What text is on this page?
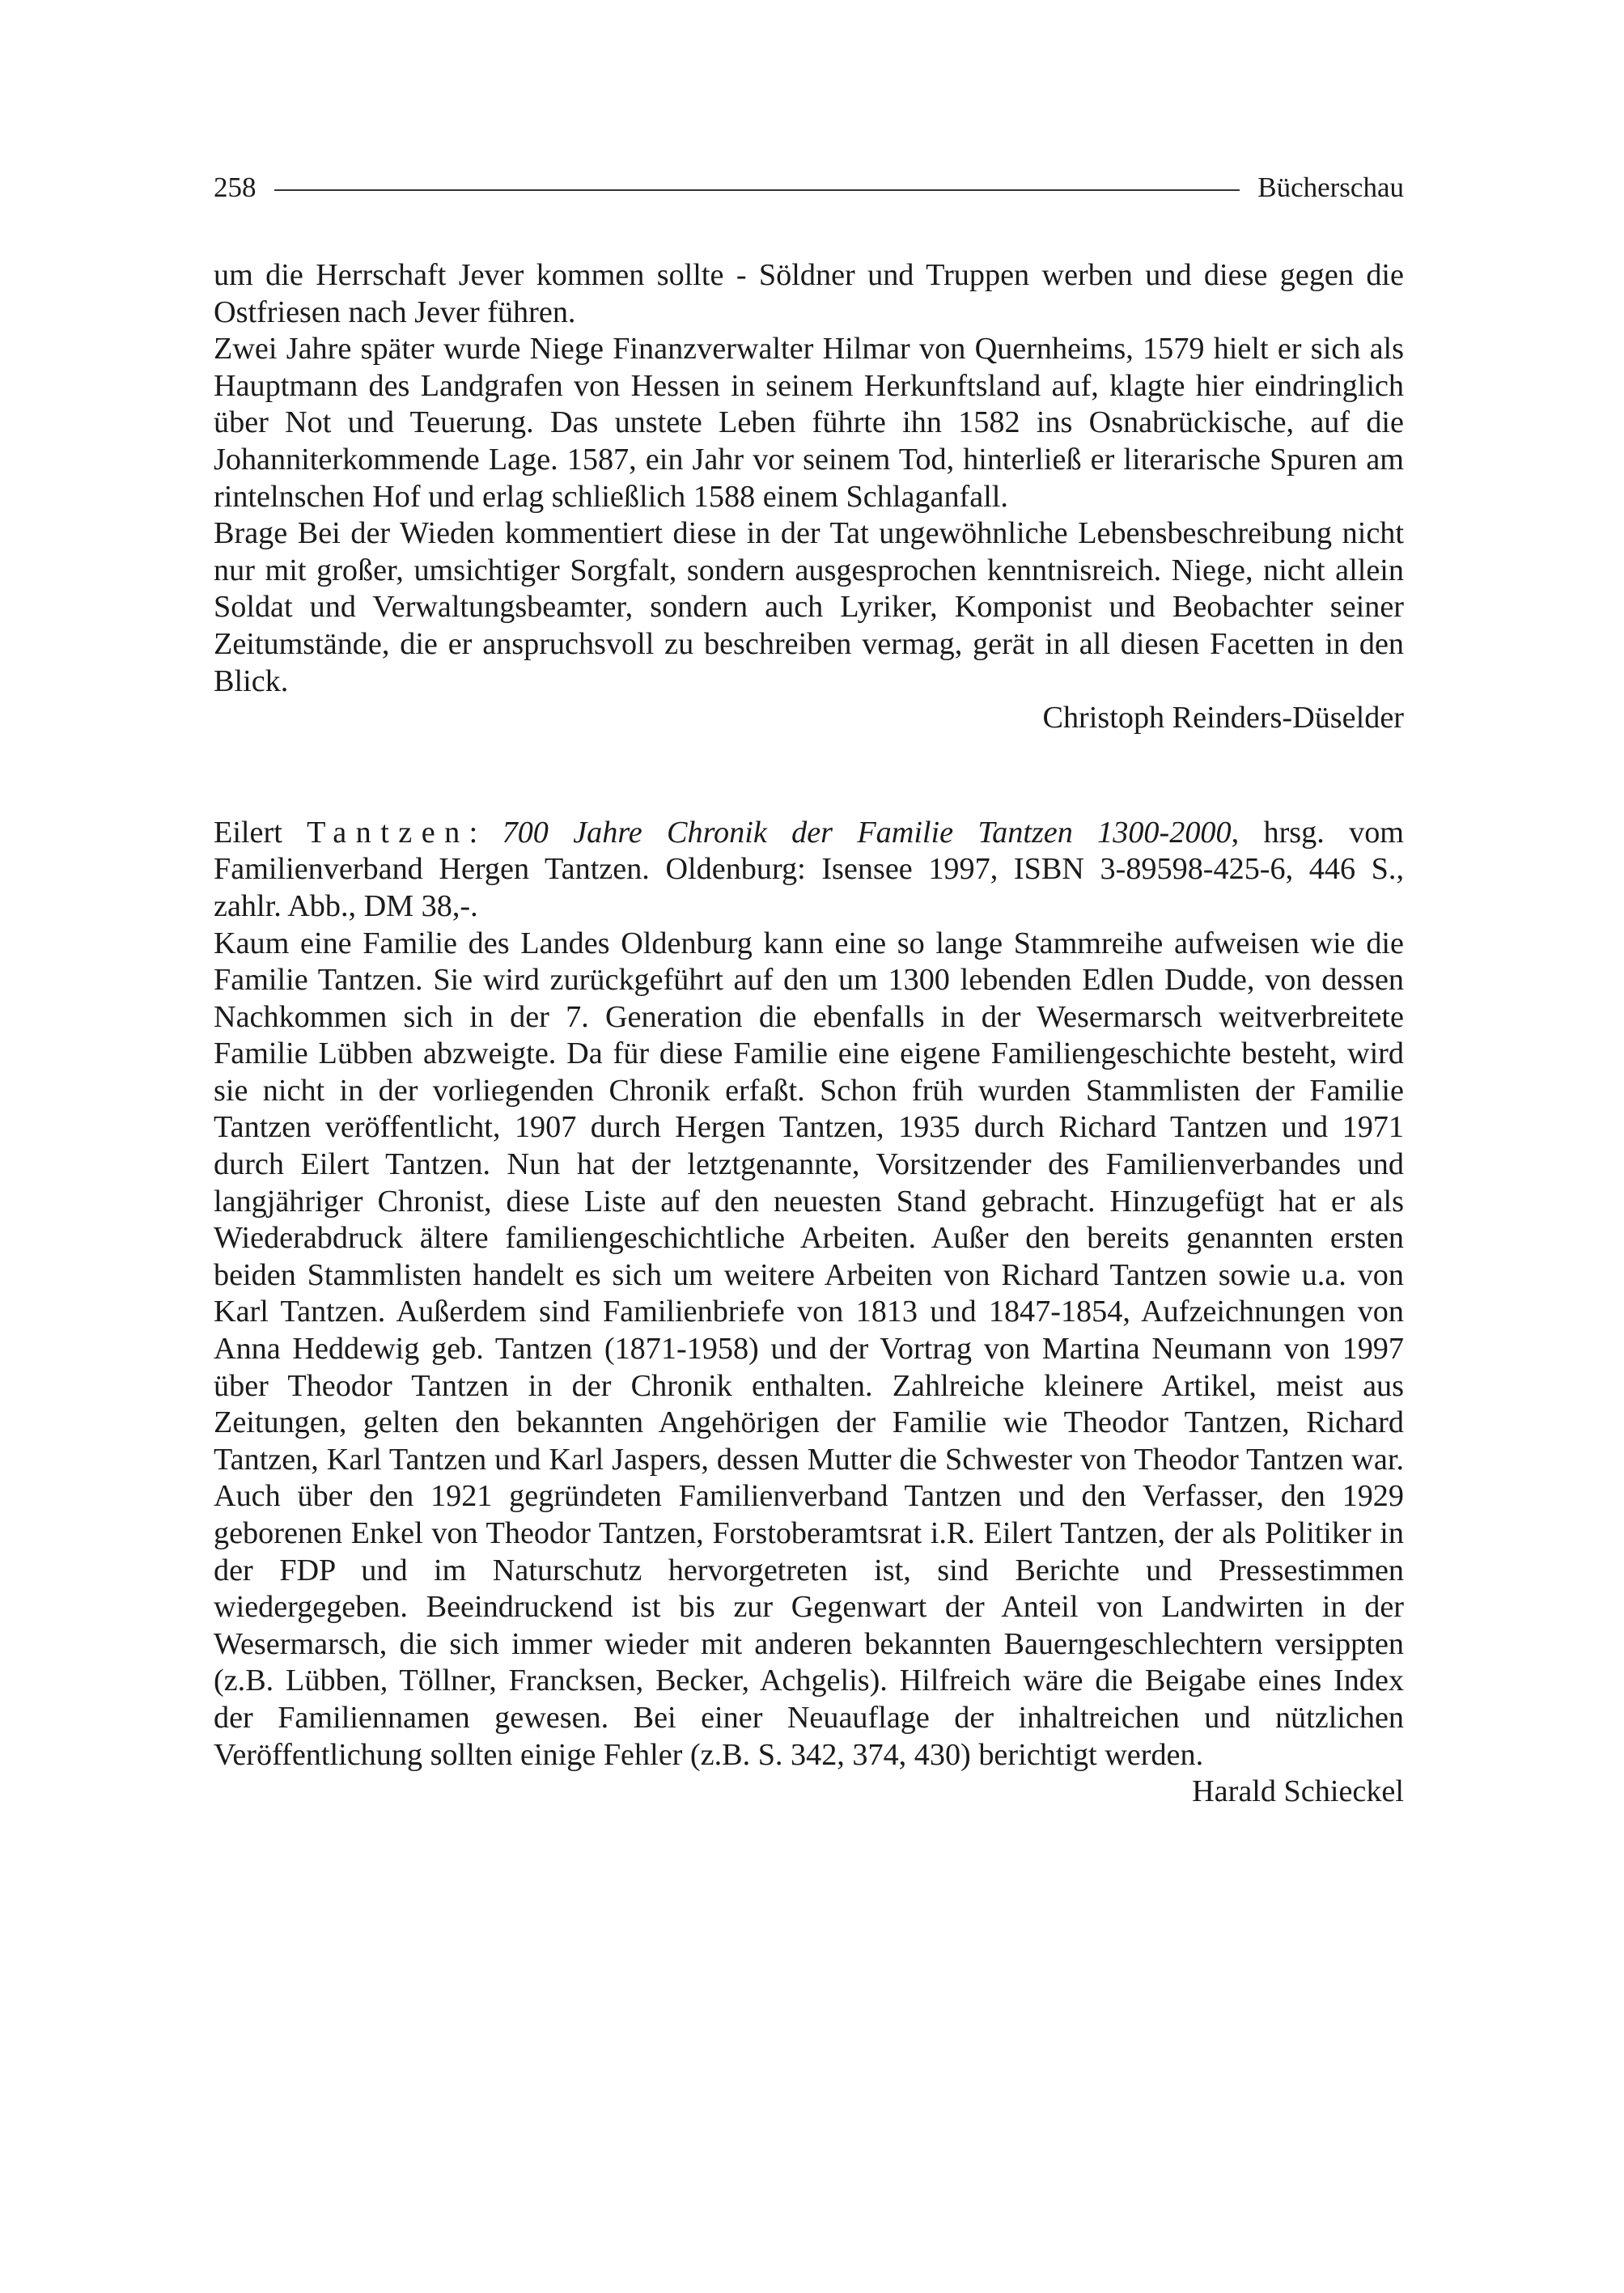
258	Bücherschau

um die Herrschaft Jever kommen sollte - Söldner und Truppen werben und diese gegen die Ostfriesen nach Jever führen.

Zwei Jahre später wurde Niege Finanzverwalter Hilmar von Quernheims, 1579 hielt er sich als Hauptmann des Landgrafen von Hessen in seinem Herkunftsland auf, klagte hier eindringlich über Not und Teuerung. Das unstete Leben führte ihn 1582 ins Osnabrückische, auf die Johanniterkommende Lage. 1587, ein Jahr vor seinem Tod, hinterließ er literarische Spuren am rintelnschen Hof und erlag schließlich 1588 einem Schlaganfall.

Brage Bei der Wieden kommentiert diese in der Tat ungewöhnliche Lebensbeschreibung nicht nur mit großer, umsichtiger Sorgfalt, sondern ausgesprochen kenntnisreich. Niege, nicht allein Soldat und Verwaltungsbeamter, sondern auch Lyriker, Komponist und Beobachter seiner Zeitumstände, die er anspruchsvoll zu beschreiben vermag, gerät in all diesen Facetten in den Blick.

Christoph Reinders-Düselder

Eilert Tantzen: 700 Jahre Chronik der Familie Tantzen 1300-2000, hrsg. vom Familienverband Hergen Tantzen. Oldenburg: Isensee 1997, ISBN 3-89598-425-6, 446 S., zahlr. Abb., DM 38,-.

Kaum eine Familie des Landes Oldenburg kann eine so lange Stammreihe aufweisen wie die Familie Tantzen. Sie wird zurückgeführt auf den um 1300 lebenden Edlen Dudde, von dessen Nachkommen sich in der 7. Generation die ebenfalls in der Wesermarsch weitverbreitete Familie Lübben abzweigte. Da für diese Familie eine eigene Familiengeschichte besteht, wird sie nicht in der vorliegenden Chronik erfaßt. Schon früh wurden Stammlisten der Familie Tantzen veröffentlicht, 1907 durch Hergen Tantzen, 1935 durch Richard Tantzen und 1971 durch Eilert Tantzen. Nun hat der letztgenannte, Vorsitzender des Familienverbandes und langjähriger Chronist, diese Liste auf den neuesten Stand gebracht. Hinzugefügt hat er als Wiederabdruck ältere familiengeschichtliche Arbeiten. Außer den bereits genannten ersten beiden Stammlisten handelt es sich um weitere Arbeiten von Richard Tantzen sowie u.a. von Karl Tantzen. Außerdem sind Familienbriefe von 1813 und 1847-1854, Aufzeichnungen von Anna Heddewig geb. Tantzen (1871-1958) und der Vortrag von Martina Neumann von 1997 über Theodor Tantzen in der Chronik enthalten. Zahlreiche kleinere Artikel, meist aus Zeitungen, gelten den bekannten Angehörigen der Familie wie Theodor Tantzen, Richard Tantzen, Karl Tantzen und Karl Jaspers, dessen Mutter die Schwester von Theodor Tantzen war. Auch über den 1921 gegründeten Familienverband Tantzen und den Verfasser, den 1929 geborenen Enkel von Theodor Tantzen, Forstoberamtsrat i.R. Eilert Tantzen, der als Politiker in der FDP und im Naturschutz hervorgetreten ist, sind Berichte und Pressestimmen wiedergegeben. Beeindruckend ist bis zur Gegenwart der Anteil von Landwirten in der Wesermarsch, die sich immer wieder mit anderen bekannten Bauerngeschlechtern versippten (z.B. Lübben, Töllner, Francksen, Becker, Achgelis). Hilfreich wäre die Beigabe eines Index der Familiennamen gewesen. Bei einer Neuauflage der inhaltreichen und nützlichen Veröffentlichung sollten einige Fehler (z.B. S. 342, 374, 430) berichtigt werden.

Harald Schieckel
